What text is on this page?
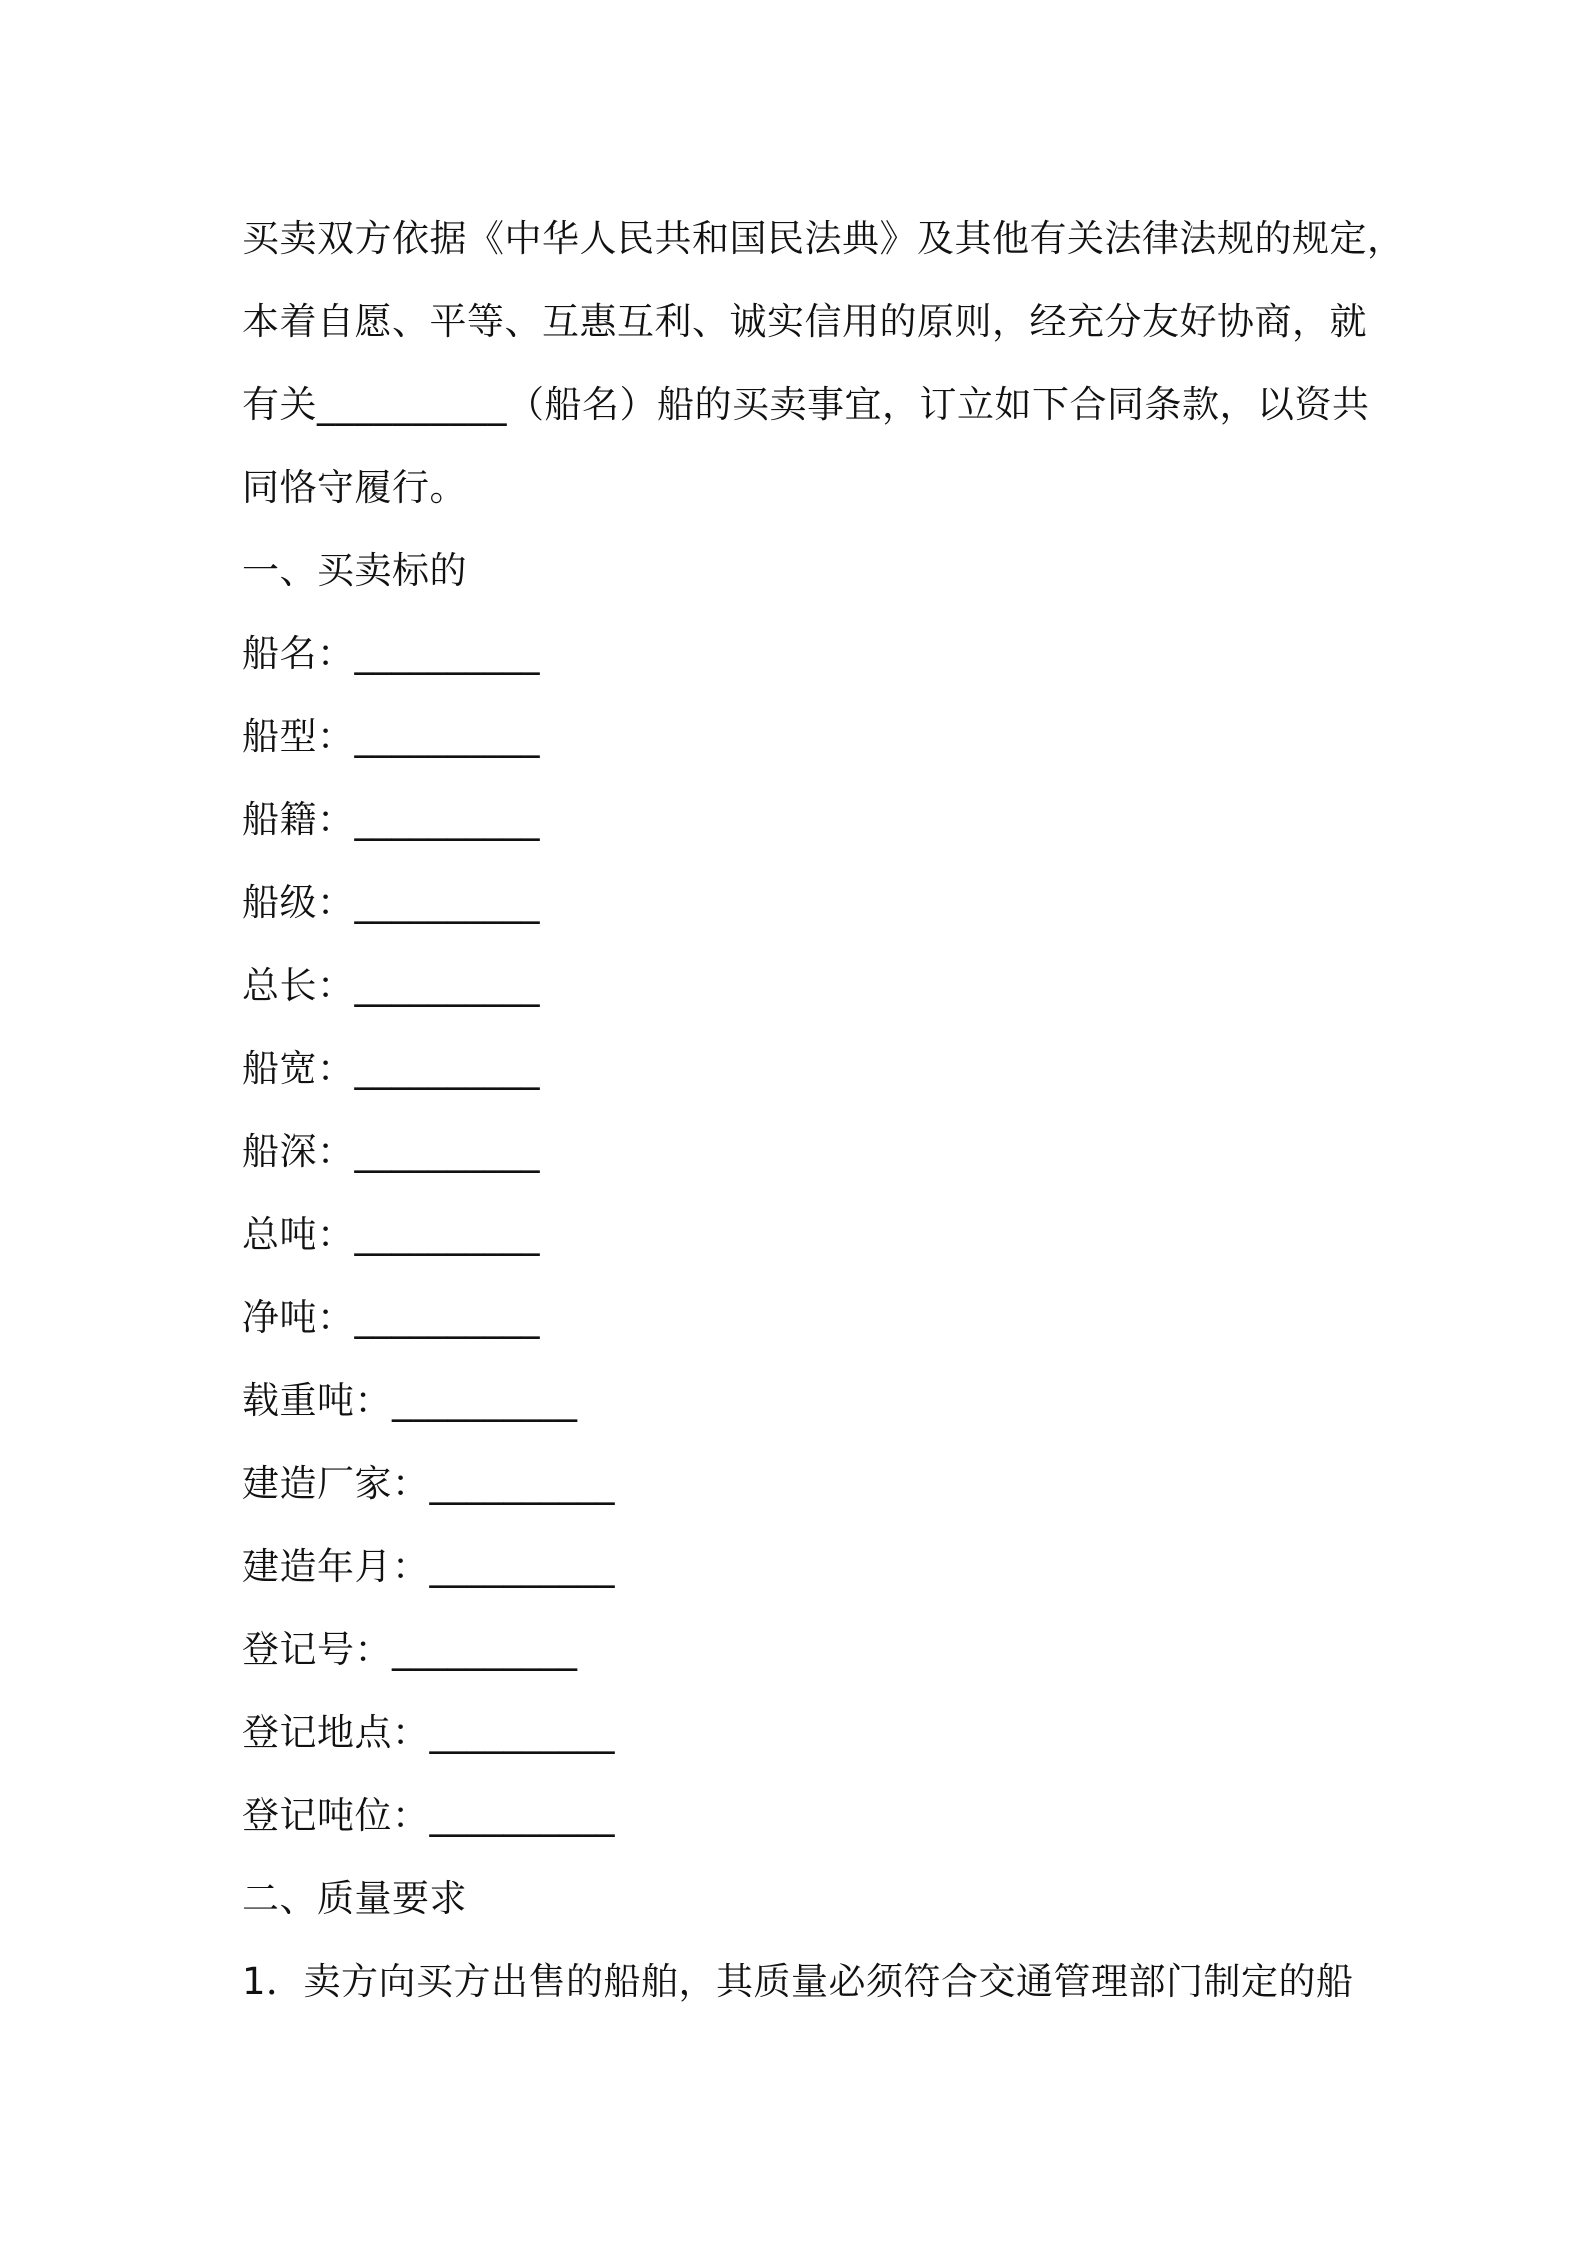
买卖双方依据《中华人民共和国民法典》及其他有关法律法规的规定，
本着自愿、平等、互惠互利、诚实信用的原则，经充分友好协商，就
有关__________（船名）船的买卖事宜，订立如下合同条款，以资共
同恪守履行。
一、买卖标的
船名：__________
船型：__________
船籍：__________
船级：__________
总长：__________
船宽：__________
船深：__________
总吨：__________
净吨：__________
载重吨：__________
建造厂家：__________
建造年月：__________
登记号：__________
登记地点：__________
登记吨位：__________
二、质量要求
1．卖方向买方出售的船舶，其质量必须符合交通管理部门制定的船
